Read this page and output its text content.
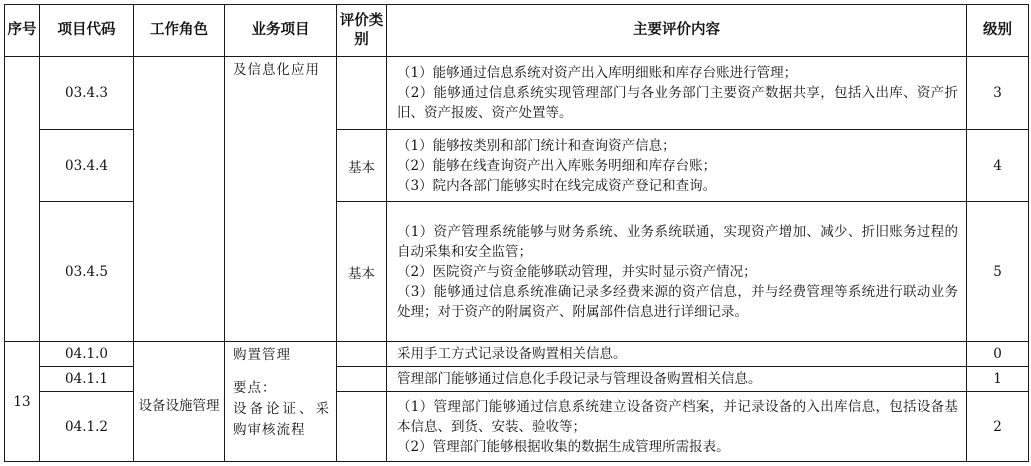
序号	项目代码	工作角色	业务项目	评价类别	主要评价内容	级别
	03.4.3		及信息化应用		（1）能够通过信息系统对资产出入库明细账和库存台账进行管理；
（2）能够通过信息系统实现管理部门与各业务部门主要资产数据共享，包括入出库、资产折旧、资产报废、资产处置等。	3
	03.4.4			基本	（1）能够按类别和部门统计和查询资产信息；
（2）能够在线查询资产出入库账务明细和库存台账；
（3）院内各部门能够实时在线完成资产登记和查询。	4
	03.4.5			基本	（1）资产管理系统能够与财务系统、业务系统联通，实现资产增加、减少、折旧账务过程的自动采集和安全监管；
（2）医院资产与资金能够联动管理，并实时显示资产情况；
（3）能够通过信息系统准确记录多经费来源的资产信息，并与经费管理等系统进行联动业务处理；对于资产的附属资产、附属部件信息进行详细记录。	5
13	04.1.0	设备设施管理	购置管理
要点：
设备论证、采购审核流程		采用手工方式记录设备购置相关信息。	0
	04.1.1				管理部门能够通过信息化手段记录与管理设备购置相关信息。	1
	04.1.2				（1）管理部门能够通过信息系统建立设备资产档案，并记录设备的入出库信息，包括设备基本信息、到货、安装、验收等；
（2）管理部门能够根据收集的数据生成管理所需报表。	2
